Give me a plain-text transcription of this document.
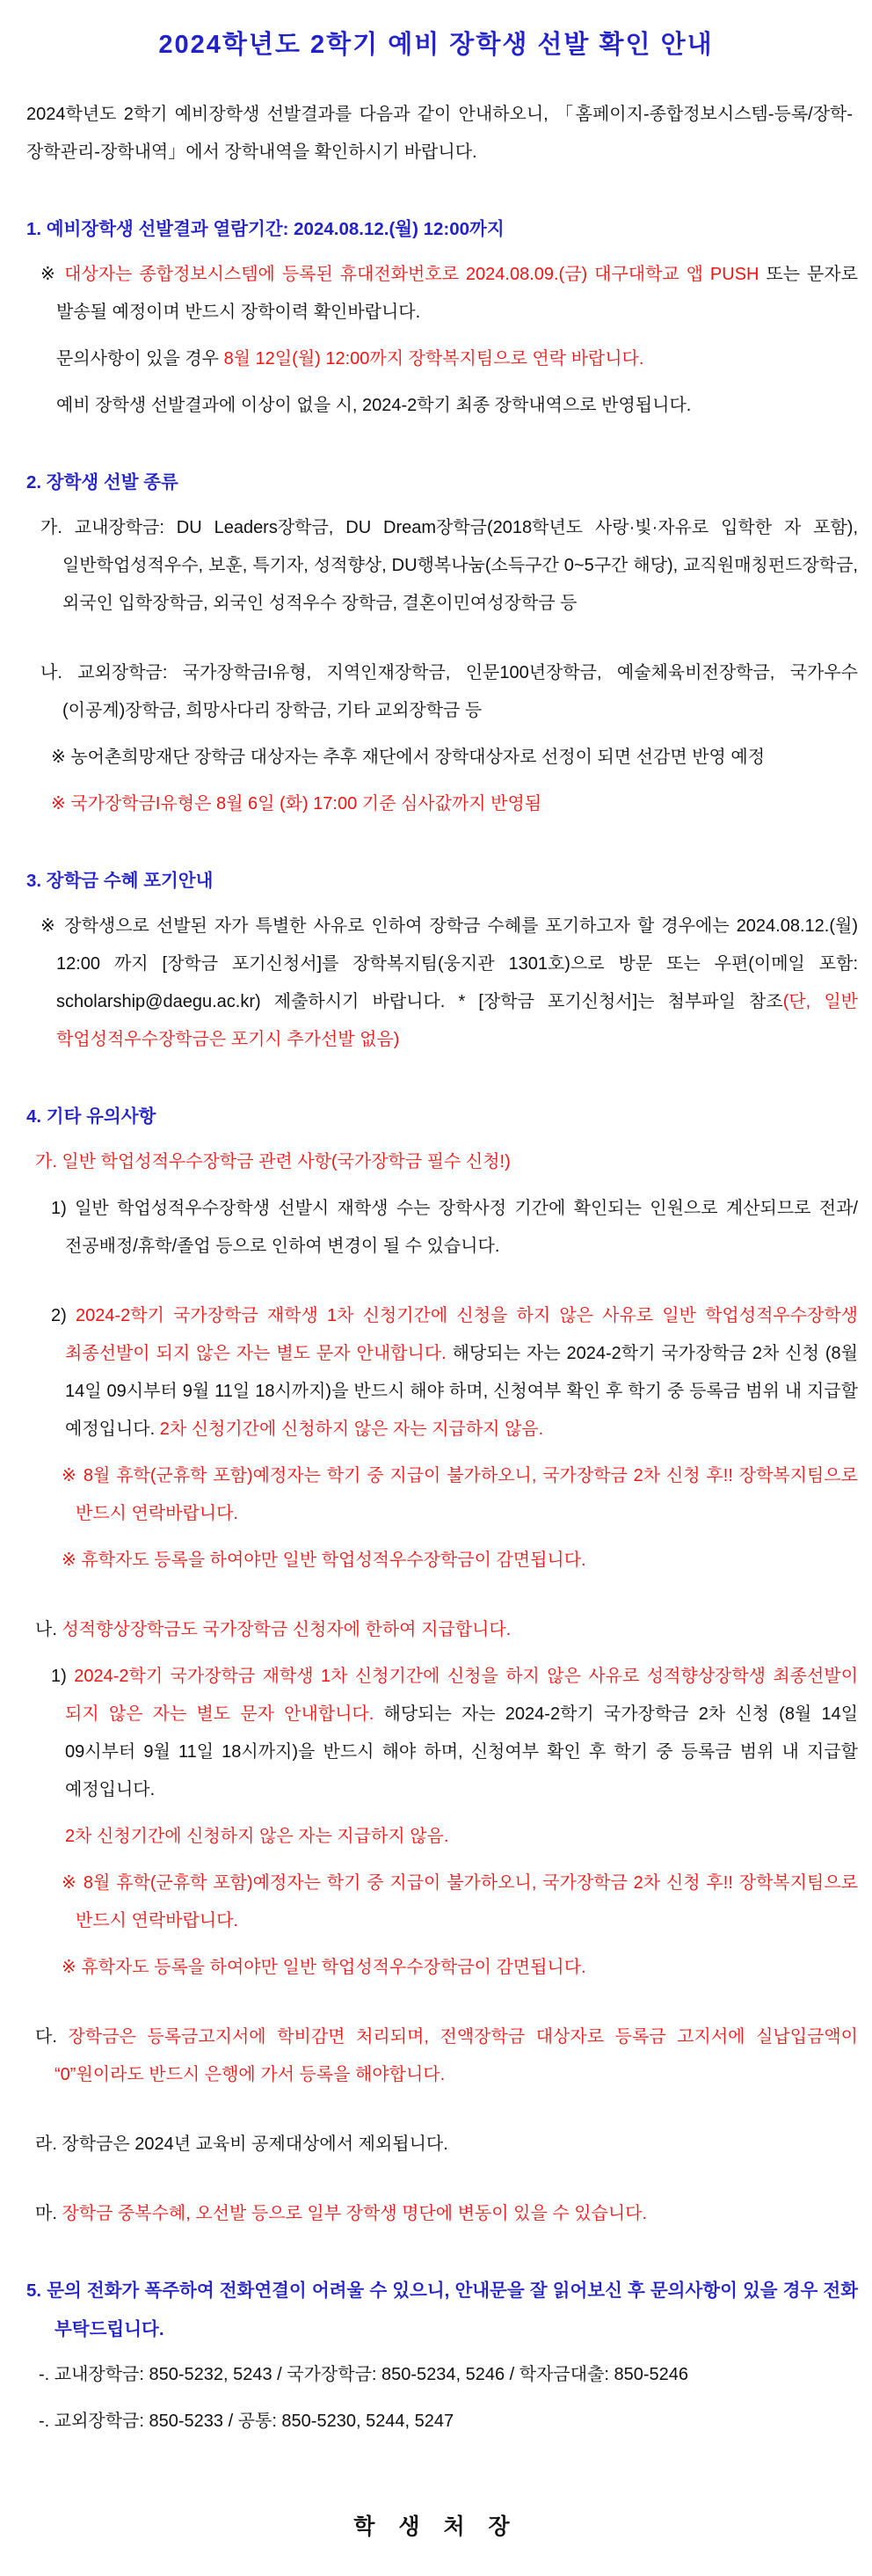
2024학년도 2학기 예비 장학생 선발 확인 안내
2024학년도 2학기 예비장학생 선발결과를 다음과 같이 안내하오니, 「홈페이지-종합정보시스템-등록/장학-장학관리-장학내역」에서 장학내역을 확인하시기 바랍니다.
1. 예비장학생 선발결과 열람기간: 2024.08.12.(월) 12:00까지
※ 대상자는 종합정보시스템에 등록된 휴대전화번호로 2024.08.09.(금) 대구대학교 앱 PUSH 또는 문자로 발송될 예정이며 반드시 장학이력 확인바랍니다.
문의사항이 있을 경우 8월 12일(월) 12:00까지 장학복지팀으로 연락 바랍니다.
예비 장학생 선발결과에 이상이 없을 시, 2024-2학기 최종 장학내역으로 반영됩니다.
2. 장학생 선발 종류
가. 교내장학금: DU Leaders장학금, DU Dream장학금(2018학년도 사랑·빛·자유로 입학한 자 포함), 일반학업성적우수, 보훈, 특기자, 성적향상, DU행복나눔(소득구간 0~5구간 해당), 교직원매칭펀드장학금, 외국인 입학장학금, 외국인 성적우수 장학금, 결혼이민여성장학금 등
나. 교외장학금: 국가장학금I유형, 지역인재장학금, 인문100년장학금, 예술체육비전장학금, 국가우수(이공계)장학금, 희망사다리 장학금, 기타 교외장학금 등
※ 농어촌희망재단 장학금 대상자는 추후 재단에서 장학대상자로 선정이 되면 선감면 반영 예정
※ 국가장학금I유형은 8월 6일 (화) 17:00 기준 심사값까지 반영됨
3. 장학금 수혜 포기안내
※ 장학생으로 선발된 자가 특별한 사유로 인하여 장학금 수혜를 포기하고자 할 경우에는 2024.08.12.(월) 12:00 까지 [장학금 포기신청서]를 장학복지팀(웅지관 1301호)으로 방문 또는 우편(이메일 포함: scholarship@daegu.ac.kr) 제출하시기 바랍니다. * [장학금 포기신청서]는 첨부파일 참조(단, 일반 학업성적우수장학금은 포기시 추가선발 없음)
4. 기타 유의사항
가. 일반 학업성적우수장학금 관련 사항(국가장학금 필수 신청!)
1) 일반 학업성적우수장학생 선발시 재학생 수는 장학사정 기간에 확인되는 인원으로 계산되므로 전과/전공배정/휴학/졸업 등으로 인하여 변경이 될 수 있습니다.
2) 2024-2학기 국가장학금 재학생 1차 신청기간에 신청을 하지 않은 사유로 일반 학업성적우수장학생 최종선발이 되지 않은 자는 별도 문자 안내합니다. 해당되는 자는 2024-2학기 국가장학금 2차 신청 (8월 14일 09시부터 9월 11일 18시까지)을 반드시 해야 하며, 신청여부 확인 후 학기 중 등록금 범위 내 지급할 예정입니다. 2차 신청기간에 신청하지 않은 자는 지급하지 않음.
※ 8월 휴학(군휴학 포함)예정자는 학기 중 지급이 불가하오니, 국가장학금 2차 신청 후!! 장학복지팀으로 반드시 연락바랍니다.
※ 휴학자도 등록을 하여야만 일반 학업성적우수장학금이 감면됩니다.
나. 성적향상장학금도 국가장학금 신청자에 한하여 지급합니다.
1) 2024-2학기 국가장학금 재학생 1차 신청기간에 신청을 하지 않은 사유로 성적향상장학생 최종선발이 되지 않은 자는 별도 문자 안내합니다. 해당되는 자는 2024-2학기 국가장학금 2차 신청 (8월 14일 09시부터 9월 11일 18시까지)을 반드시 해야 하며, 신청여부 확인 후 학기 중 등록금 범위 내 지급할 예정입니다.
2차 신청기간에 신청하지 않은 자는 지급하지 않음.
※ 8월 휴학(군휴학 포함)예정자는 학기 중 지급이 불가하오니, 국가장학금 2차 신청 후!! 장학복지팀으로 반드시 연락바랍니다.
※ 휴학자도 등록을 하여야만 일반 학업성적우수장학금이 감면됩니다.
다. 장학금은 등록금고지서에 학비감면 처리되며, 전액장학금 대상자로 등록금 고지서에 실납입금액이 “0”원이라도 반드시 은행에 가서 등록을 해야합니다.
라. 장학금은 2024년 교육비 공제대상에서 제외됩니다.
마. 장학금 중복수혜, 오선발 등으로 일부 장학생 명단에 변동이 있을 수 있습니다.
5. 문의 전화가 폭주하여 전화연결이 어려울 수 있으니, 안내문을 잘 읽어보신 후 문의사항이 있을 경우 전화 부탁드립니다.
-. 교내장학금: 850-5232, 5243 / 국가장학금: 850-5234, 5246 / 학자금대출: 850-5246
-. 교외장학금: 850-5233 / 공통: 850-5230, 5244, 5247
학 생 처 장
